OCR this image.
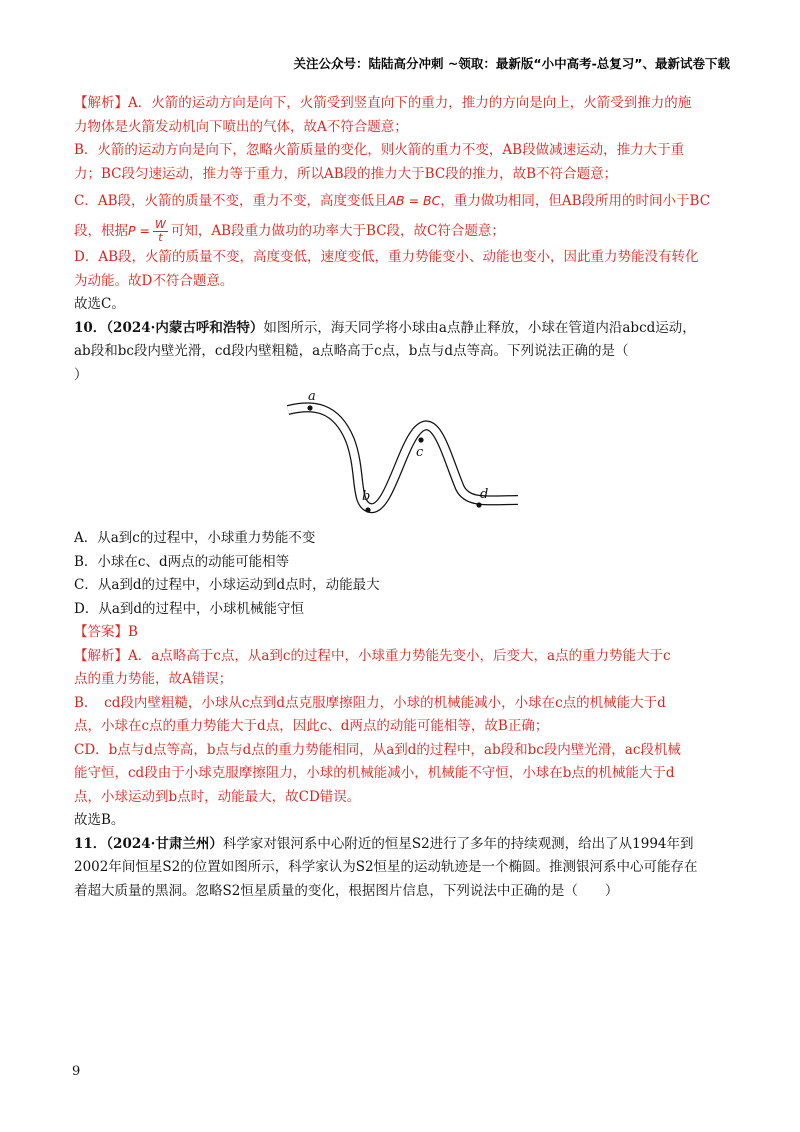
关注公众号：陆陆高分冲刺 ~领取：最新版“小中高考-总复习”、最新试卷下载

【解析】A．火箭的运动方向是向下，火箭受到竖直向下的重力，推力的方向是向上，火箭受到推力的施

力物体是火箭发动机向下喷出的气体，故A不符合题意；

B．火箭的运动方向是向下，忽略火箭质量的变化，则火箭的重力不变，AB段做减速运动，推力大于重

力；BC段匀速运动，推力等于重力，所以AB段的推力大于BC段的推力，故B不符合题意；

C．AB段，火箭的质量不变，重力不变，高度变低且AB = BC，重力做功相同，但AB段所用的时间小于BC

段，根据$P = \frac{W}{t}$ 可知，AB段重力做功的功率大于BC段，故C符合题意；

D．AB段，火箭的质量不变，高度变低，速度变低，重力势能变小、动能也变小，因此重力势能没有转化

为动能。故D不符合题意。

故选C。

10．（2024·内蒙古呼和浩特）如图所示，海天同学将小球由a点静止释放，小球在管道内沿abcd运动，

ab段和bc段内壁光滑，cd段内壁粗糙，a点略高于c点，b点与d点等高。下列说法正确的是（

）

A．从a到c的过程中，小球重力势能不变

B．小球在c、d两点的动能可能相等

C．从a到d的过程中，小球运动到d点时，动能最大

D．从a到d的过程中，小球机械能守恒

【答案】B

【解析】A．a点略高于c点，从a到c的过程中，小球重力势能先变小，后变大，a点的重力势能大于c

点的重力势能，故A错误；

B．　cd段内壁粗糙，小球从c点到d点克服摩擦阻力，小球的机械能减小，小球在c点的机械能大于d

点，小球在c点的重力势能大于d点，因此c、d两点的动能可能相等，故B正确；

CD．b点与d点等高，b点与d点的重力势能相同，从a到d的过程中，ab段和bc段内壁光滑，ac段机械

能守恒，cd段由于小球克服摩擦阻力，小球的机械能减小，机械能不守恒，小球在b点的机械能大于d

点，小球运动到b点时，动能最大，故CD错误。

故选B。

11．（2024·甘肃兰州）科学家对银河系中心附近的恒星S2进行了多年的持续观测，给出了从1994年到

2002年间恒星S2的位置如图所示，科学家认为S2恒星的运动轨迹是一个椭圆。推测银河系中心可能存在

着超大质量的黑洞。忽略S2恒星质量的变化，根据图片信息，下列说法中正确的是（　　）

a
b
c
d
9
